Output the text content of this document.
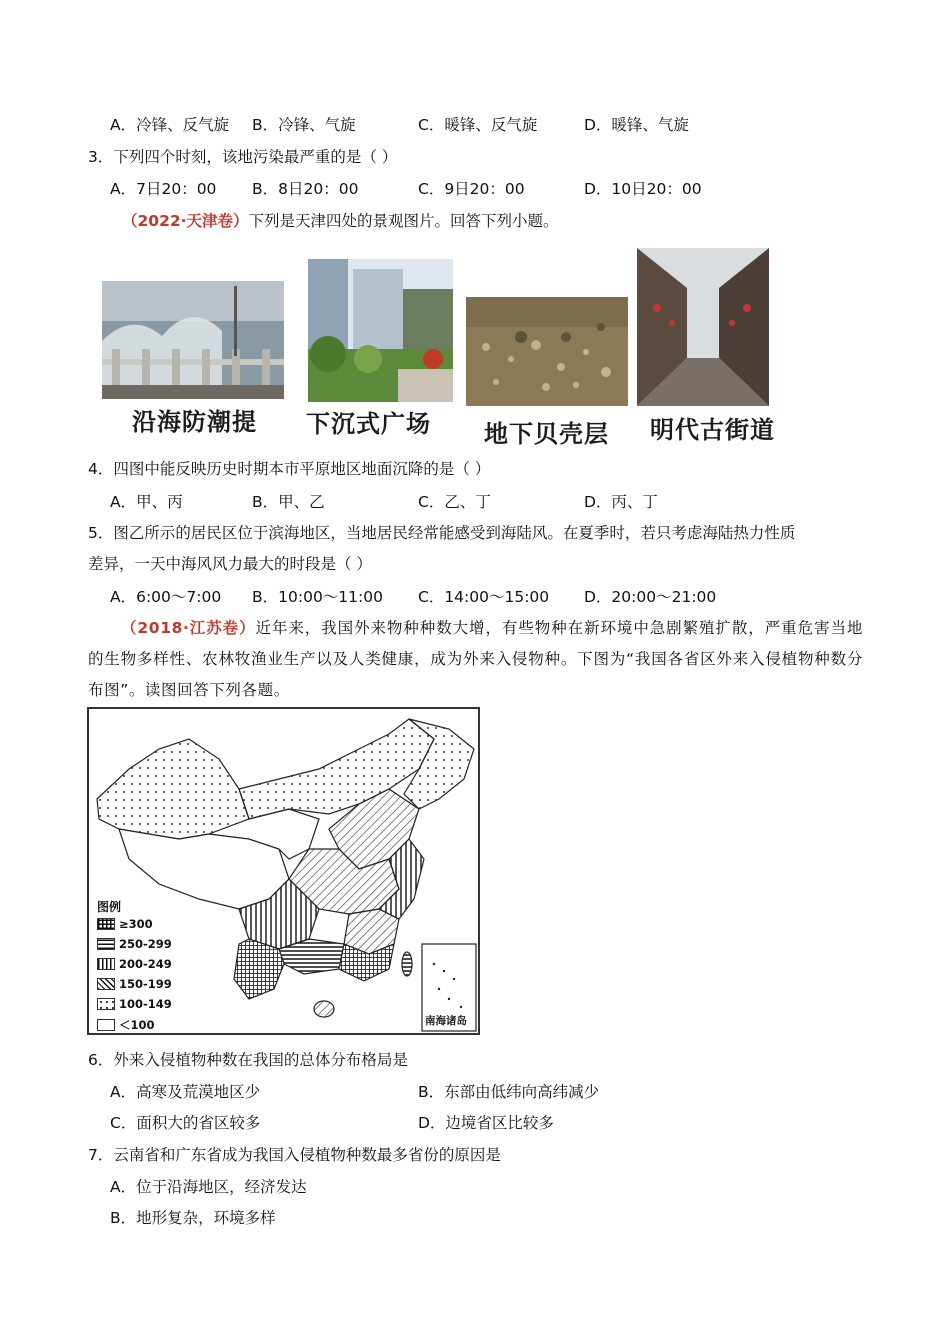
A．冷锋、反气旋 B．冷锋、气旋	C．暖锋、反气旋	D．暖锋、气旋
3．下列四个时刻，该地污染最严重的是（ ）
A．7日20：00 B．8日20：00	C．9日20：00	D．10日20：00
（2022·天津卷）下列是天津四处的景观图片。回答下列小题。
沿海防潮提 下沉式广场 地下贝壳层 明代古街道
4．四图中能反映历史时期本市平原地区地面沉降的是（ ）
A．甲、丙	B．甲、乙	C．乙、丁	D．丙、丁
5．图乙所示的居民区位于滨海地区，当地居民经常能感受到海陆风。在夏季时，若只考虑海陆热力性质
差异，一天中海风风力最大的时段是（ ）
A．6:00～7:00 B．10:00～11:00 C．14:00～15:00 D．20:00～21:00
（2018·江苏卷）近年来，我国外来物种种数大增，有些物种在新环境中急剧繁殖扩散，严重危害当地的生物多样性、农林牧渔业生产以及人类健康，成为外来入侵物种。下图为“我国各省区外来入侵植物种数分布图”。读图回答下列各题。
南海诸岛
图例
≥300
250-299
200-249
150-199
100-149
＜100
6．外来入侵植物种数在我国的总体分布格局是
A．高寒及荒漠地区少	B．东部由低纬向高纬减少
C．面积大的省区较多	D．边境省区比较多
7．云南省和广东省成为我国入侵植物种数最多省份的原因是
A．位于沿海地区，经济发达
B．地形复杂，环境多样
